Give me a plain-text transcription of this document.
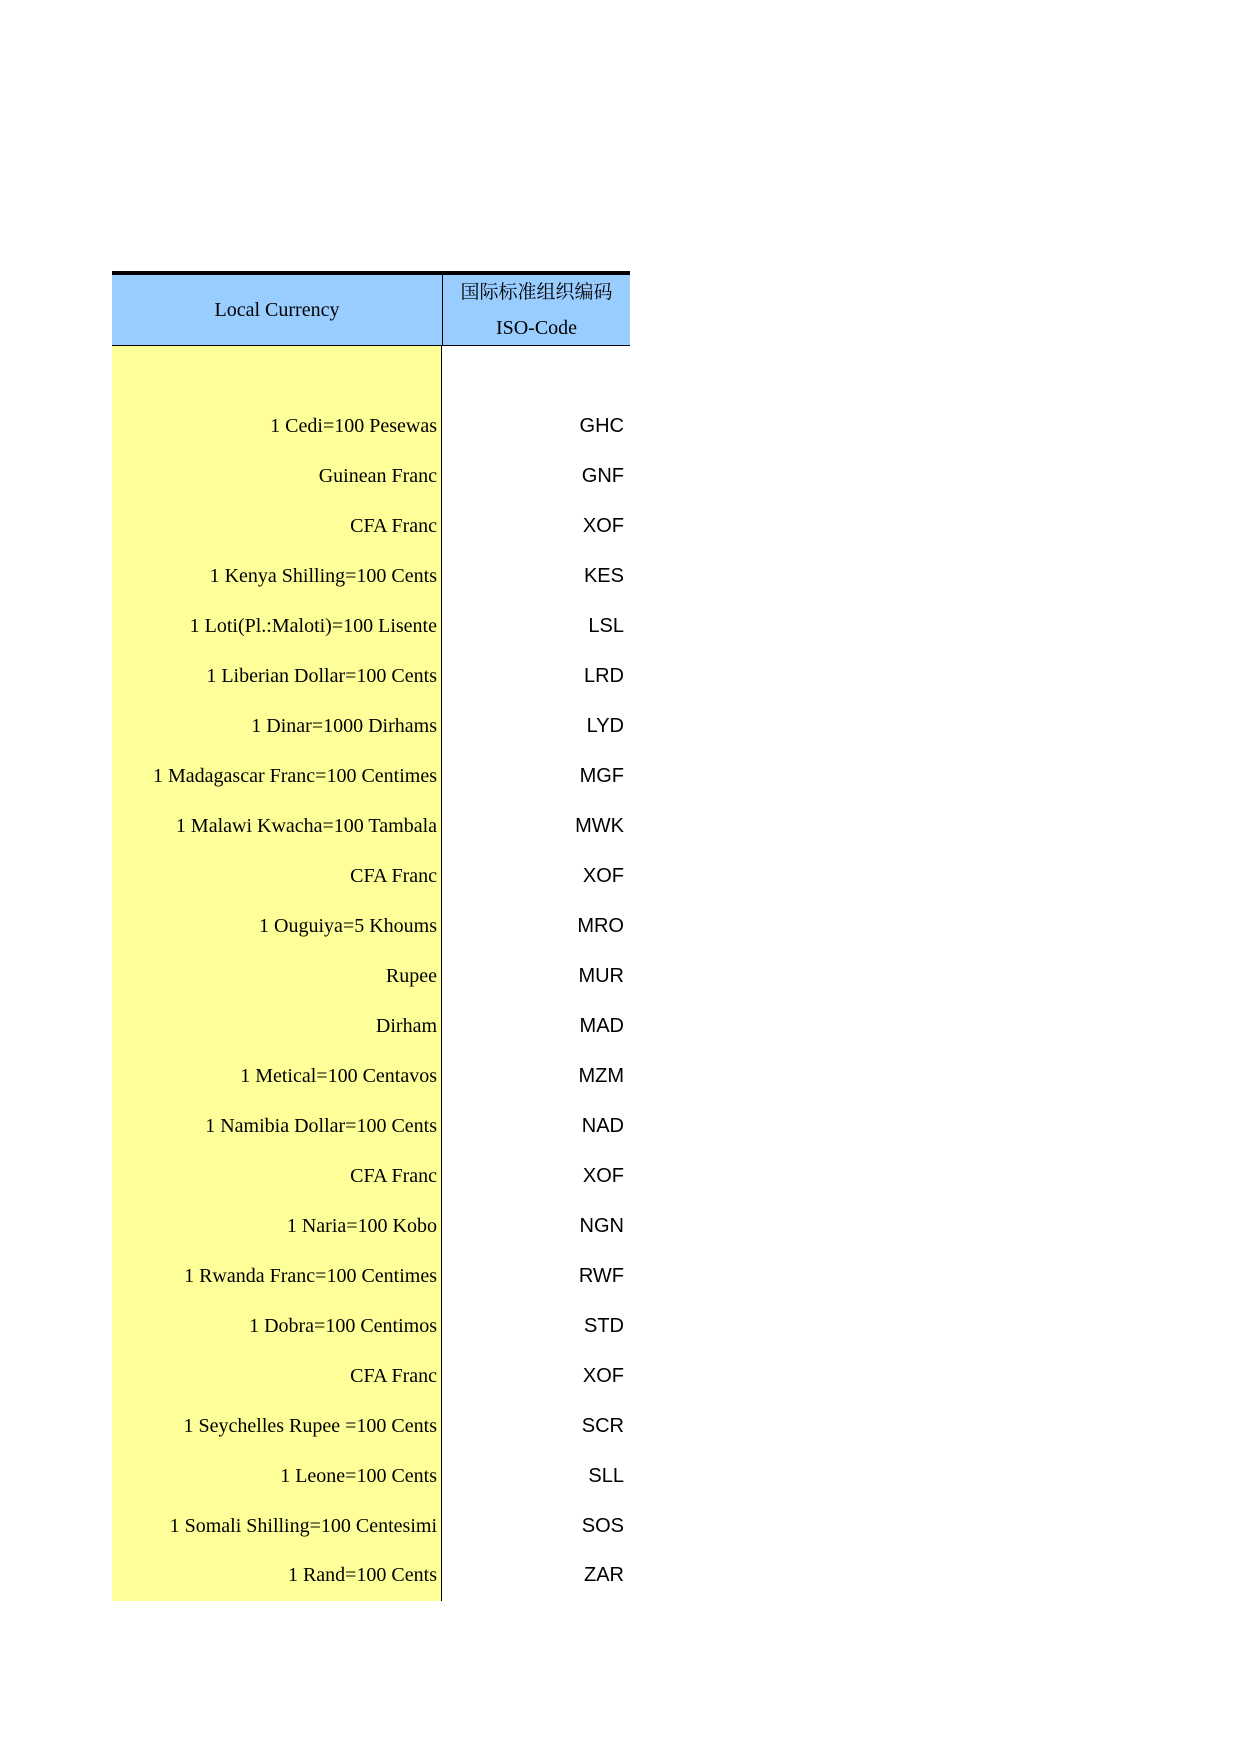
Local Currency
国际标准组织编码
ISO-Code
1 Cedi=100 Pesewas	GHC
Guinean Franc	GNF
CFA Franc	XOF
1 Kenya Shilling=100 Cents	KES
1 Loti(Pl.:Maloti)=100 Lisente	LSL
1 Liberian Dollar=100 Cents	LRD
1 Dinar=1000 Dirhams	LYD
1 Madagascar Franc=100 Centimes	MGF
1 Malawi Kwacha=100 Tambala	MWK
CFA Franc	XOF
1 Ouguiya=5 Khoums	MRO
Rupee	MUR
Dirham	MAD
1 Metical=100 Centavos	MZM
1 Namibia Dollar=100 Cents	NAD
CFA Franc	XOF
1 Naria=100 Kobo	NGN
1 Rwanda Franc=100 Centimes	RWF
1 Dobra=100 Centimos	STD
CFA Franc	XOF
1 Seychelles Rupee =100 Cents	SCR
1 Leone=100 Cents	SLL
1 Somali Shilling=100 Centesimi	SOS
1 Rand=100 Cents	ZAR
